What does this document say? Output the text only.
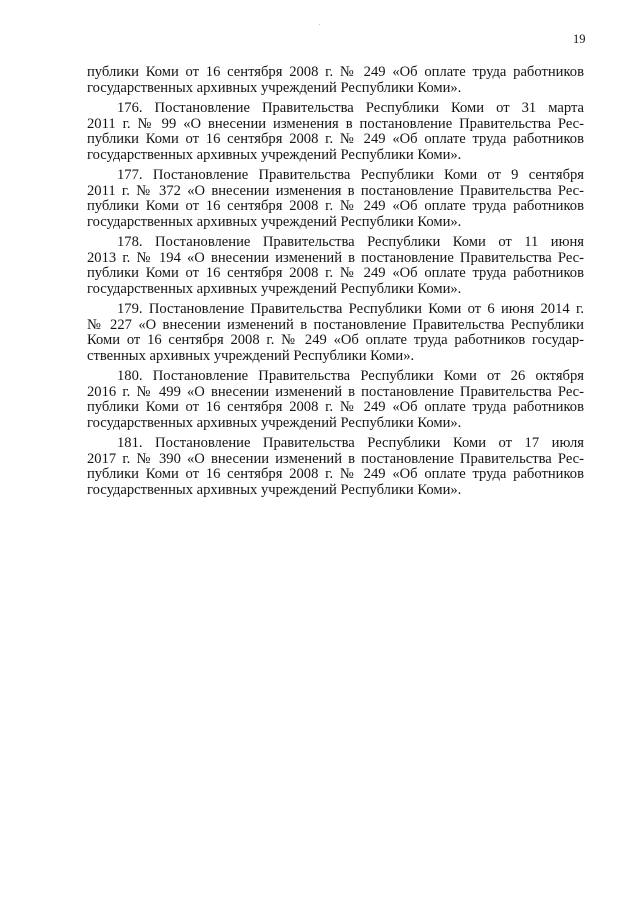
19
публики Коми от 16 сентября 2008 г. № 249 «Об оплате труда работников
государственных архивных учреждений Республики Коми».
176. Постановление Правительства Республики Коми от 31 марта
2011 г. № 99 «О внесении изменения в постановление Правительства Рес-
публики Коми от 16 сентября 2008 г. № 249 «Об оплате труда работников
государственных архивных учреждений Республики Коми».
177. Постановление Правительства Республики Коми от 9 сентября
2011 г. № 372 «О внесении изменения в постановление Правительства Рес-
публики Коми от 16 сентября 2008 г. № 249 «Об оплате труда работников
государственных архивных учреждений Республики Коми».
178. Постановление Правительства Республики Коми от 11 июня
2013 г. № 194 «О внесении изменений в постановление Правительства Рес-
публики Коми от 16 сентября 2008 г. № 249 «Об оплате труда работников
государственных архивных учреждений Республики Коми».
179. Постановление Правительства Республики Коми от 6 июня 2014 г.
№ 227 «О внесении изменений в постановление Правительства Республики
Коми от 16 сентября 2008 г. № 249 «Об оплате труда работников государ-
ственных архивных учреждений Республики Коми».
180. Постановление Правительства Республики Коми от 26 октября
2016 г. № 499 «О внесении изменений в постановление Правительства Рес-
публики Коми от 16 сентября 2008 г. № 249 «Об оплате труда работников
государственных архивных учреждений Республики Коми».
181. Постановление Правительства Республики Коми от 17 июля
2017 г. № 390 «О внесении изменений в постановление Правительства Рес-
публики Коми от 16 сентября 2008 г. № 249 «Об оплате труда работников
государственных архивных учреждений Республики Коми».
